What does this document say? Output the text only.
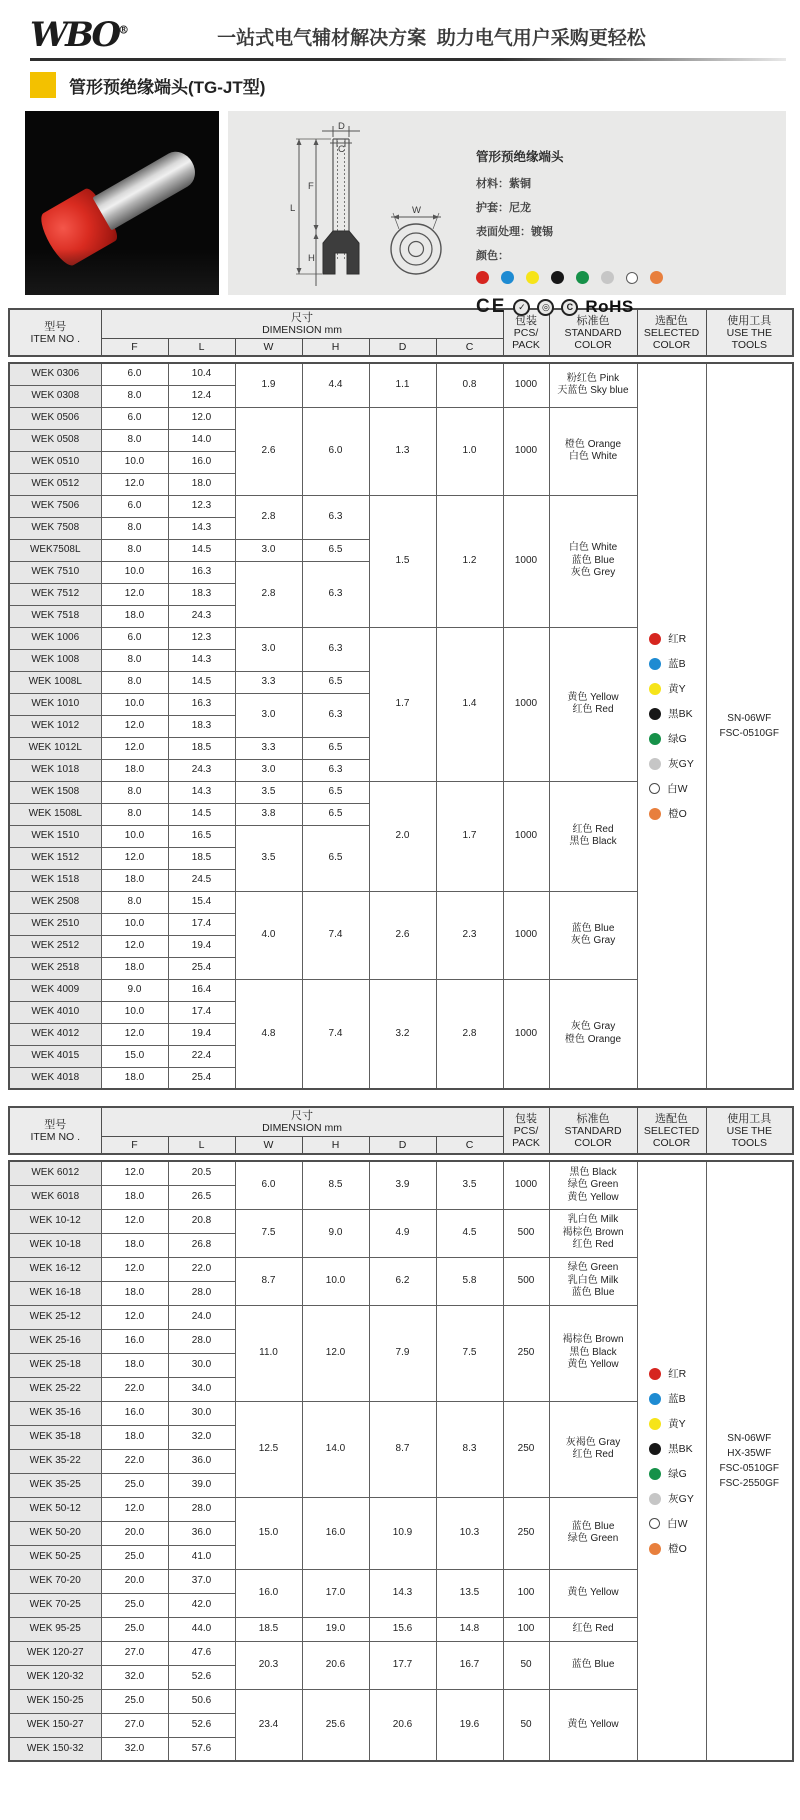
WBO®	一站式电气辅材解决方案  助力电气用户采购更轻松
管形预绝缘端头(TG-JT型)
D
C
F
L
H
W
管形预绝缘端头
材料：紫铜
护套：尼龙
表面处理：镀锡
颜色：
CE	✓	◎	C RoHS
型号
ITEM NO .	尺寸
DIMENSION mm						包装
PCS/
PACK	标准色
STANDARD
COLOR	选配色
SELECTED
COLOR	使用工具
USE THE
TOOLS
	F	L	W	H	D	C				
WEK 0306	6.0	10.4	1.9	4.4	1.1	0.8	1000	
粉红色 Pink
天蓝色 Sky blue

红R
蓝B
黄Y
黑BK
绿G
灰GY
白W
橙O

SN-06WF
FSC-0510GF

WEK 0308	8.0	12.4								
WEK 0506	6.0	12.0	2.6	6.0	1.3	1.0	1000	橙色 Orange
白色 White		

WEK 0508	8.0	14.0								
WEK 0510	10.0	16.0								
WEK 0512	12.0	18.0								
WEK 7506	6.0	12.3	2.8	6.3	1.5	1.2	1000	白色 White
蓝色 Blue
灰色 Grey		

WEK 7508	8.0	14.3								
WEK7508L	8.0	14.5	3.0	6.5						
WEK 7510	10.0	16.3	2.8	6.3						
WEK 7512	12.0	18.3								
WEK 7518	18.0	24.3								
WEK 1006	6.0	12.3	3.0	6.3	1.7	1.4	1000	黄色 Yellow
红色 Red		

WEK 1008	8.0	14.3								
WEK 1008L	8.0	14.5	3.3	6.5						
WEK 1010	10.0	16.3	3.0	6.3						
WEK 1012	12.0	18.3								
WEK 1012L	12.0	18.5	3.3	6.5						
WEK 1018	18.0	24.3	3.0	6.3						
WEK 1508	8.0	14.3	3.5	6.5	2.0	1.7	1000	红色 Red
黑色 Black		

WEK 1508L	8.0	14.5	3.8	6.5						
WEK 1510	10.0	16.5	3.5	6.5						
WEK 1512	12.0	18.5								
WEK 1518	18.0	24.5								
WEK 2508	8.0	15.4	4.0	7.4	2.6	2.3	1000	蓝色 Blue
灰色 Gray		

WEK 2510	10.0	17.4								
WEK 2512	12.0	19.4								
WEK 2518	18.0	25.4								
WEK 4009	9.0	16.4	4.8	7.4	3.2	2.8	1000	灰色 Gray
橙色 Orange		

WEK 4010	10.0	17.4								
WEK 4012	12.0	19.4								
WEK 4015	15.0	22.4								
WEK 4018	18.0	25.4								
型号
ITEM NO .	尺寸
DIMENSION mm						包装
PCS/
PACK	标准色
STANDARD
COLOR	选配色
SELECTED
COLOR	使用工具
USE THE
TOOLS
	F	L	W	H	D	C				
WEK 6012	12.0	20.5	6.0	8.5	3.9	3.5	1000	
黑色 Black
绿色 Green
黄色 Yellow

红R
蓝B
黄Y
黑BK
绿G
灰GY
白W
橙O

SN-06WF
HX-35WF
FSC-0510GF
FSC-2550GF

WEK 6018	18.0	26.5								
WEK 10-12	12.0	20.8	7.5	9.0	4.9	4.5	500	乳白色 Milk
褐棕色 Brown
红色 Red		

WEK 10-18	18.0	26.8								
WEK 16-12	12.0	22.0	8.7	10.0	6.2	5.8	500	绿色 Green
乳白色 Milk
蓝色 Blue		

WEK 16-18	18.0	28.0								
WEK 25-12	12.0	24.0	11.0	12.0	7.9	7.5	250	褐棕色 Brown
黑色 Black
黄色 Yellow		

WEK 25-16	16.0	28.0								
WEK 25-18	18.0	30.0								
WEK 25-22	22.0	34.0								
WEK 35-16	16.0	30.0	12.5	14.0	8.7	8.3	250	灰褐色 Gray
红色 Red		

WEK 35-18	18.0	32.0								
WEK 35-22	22.0	36.0								
WEK 35-25	25.0	39.0								
WEK 50-12	12.0	28.0	15.0	16.0	10.9	10.3	250	蓝色 Blue
绿色 Green		

WEK 50-20	20.0	36.0								
WEK 50-25	25.0	41.0								
WEK 70-20	20.0	37.0	16.0	17.0	14.3	13.5	100	黄色 Yellow		

WEK 70-25	25.0	42.0								
WEK 95-25	25.0	44.0	18.5	19.0	15.6	14.8	100	红色 Red		

WEK 120-27	27.0	47.6	20.3	20.6	17.7	16.7	50	蓝色 Blue		

WEK 120-32	32.0	52.6								
WEK 150-25	25.0	50.6	23.4	25.6	20.6	19.6	50	黄色 Yellow		

WEK 150-27	27.0	52.6								
WEK 150-32	32.0	57.6								
